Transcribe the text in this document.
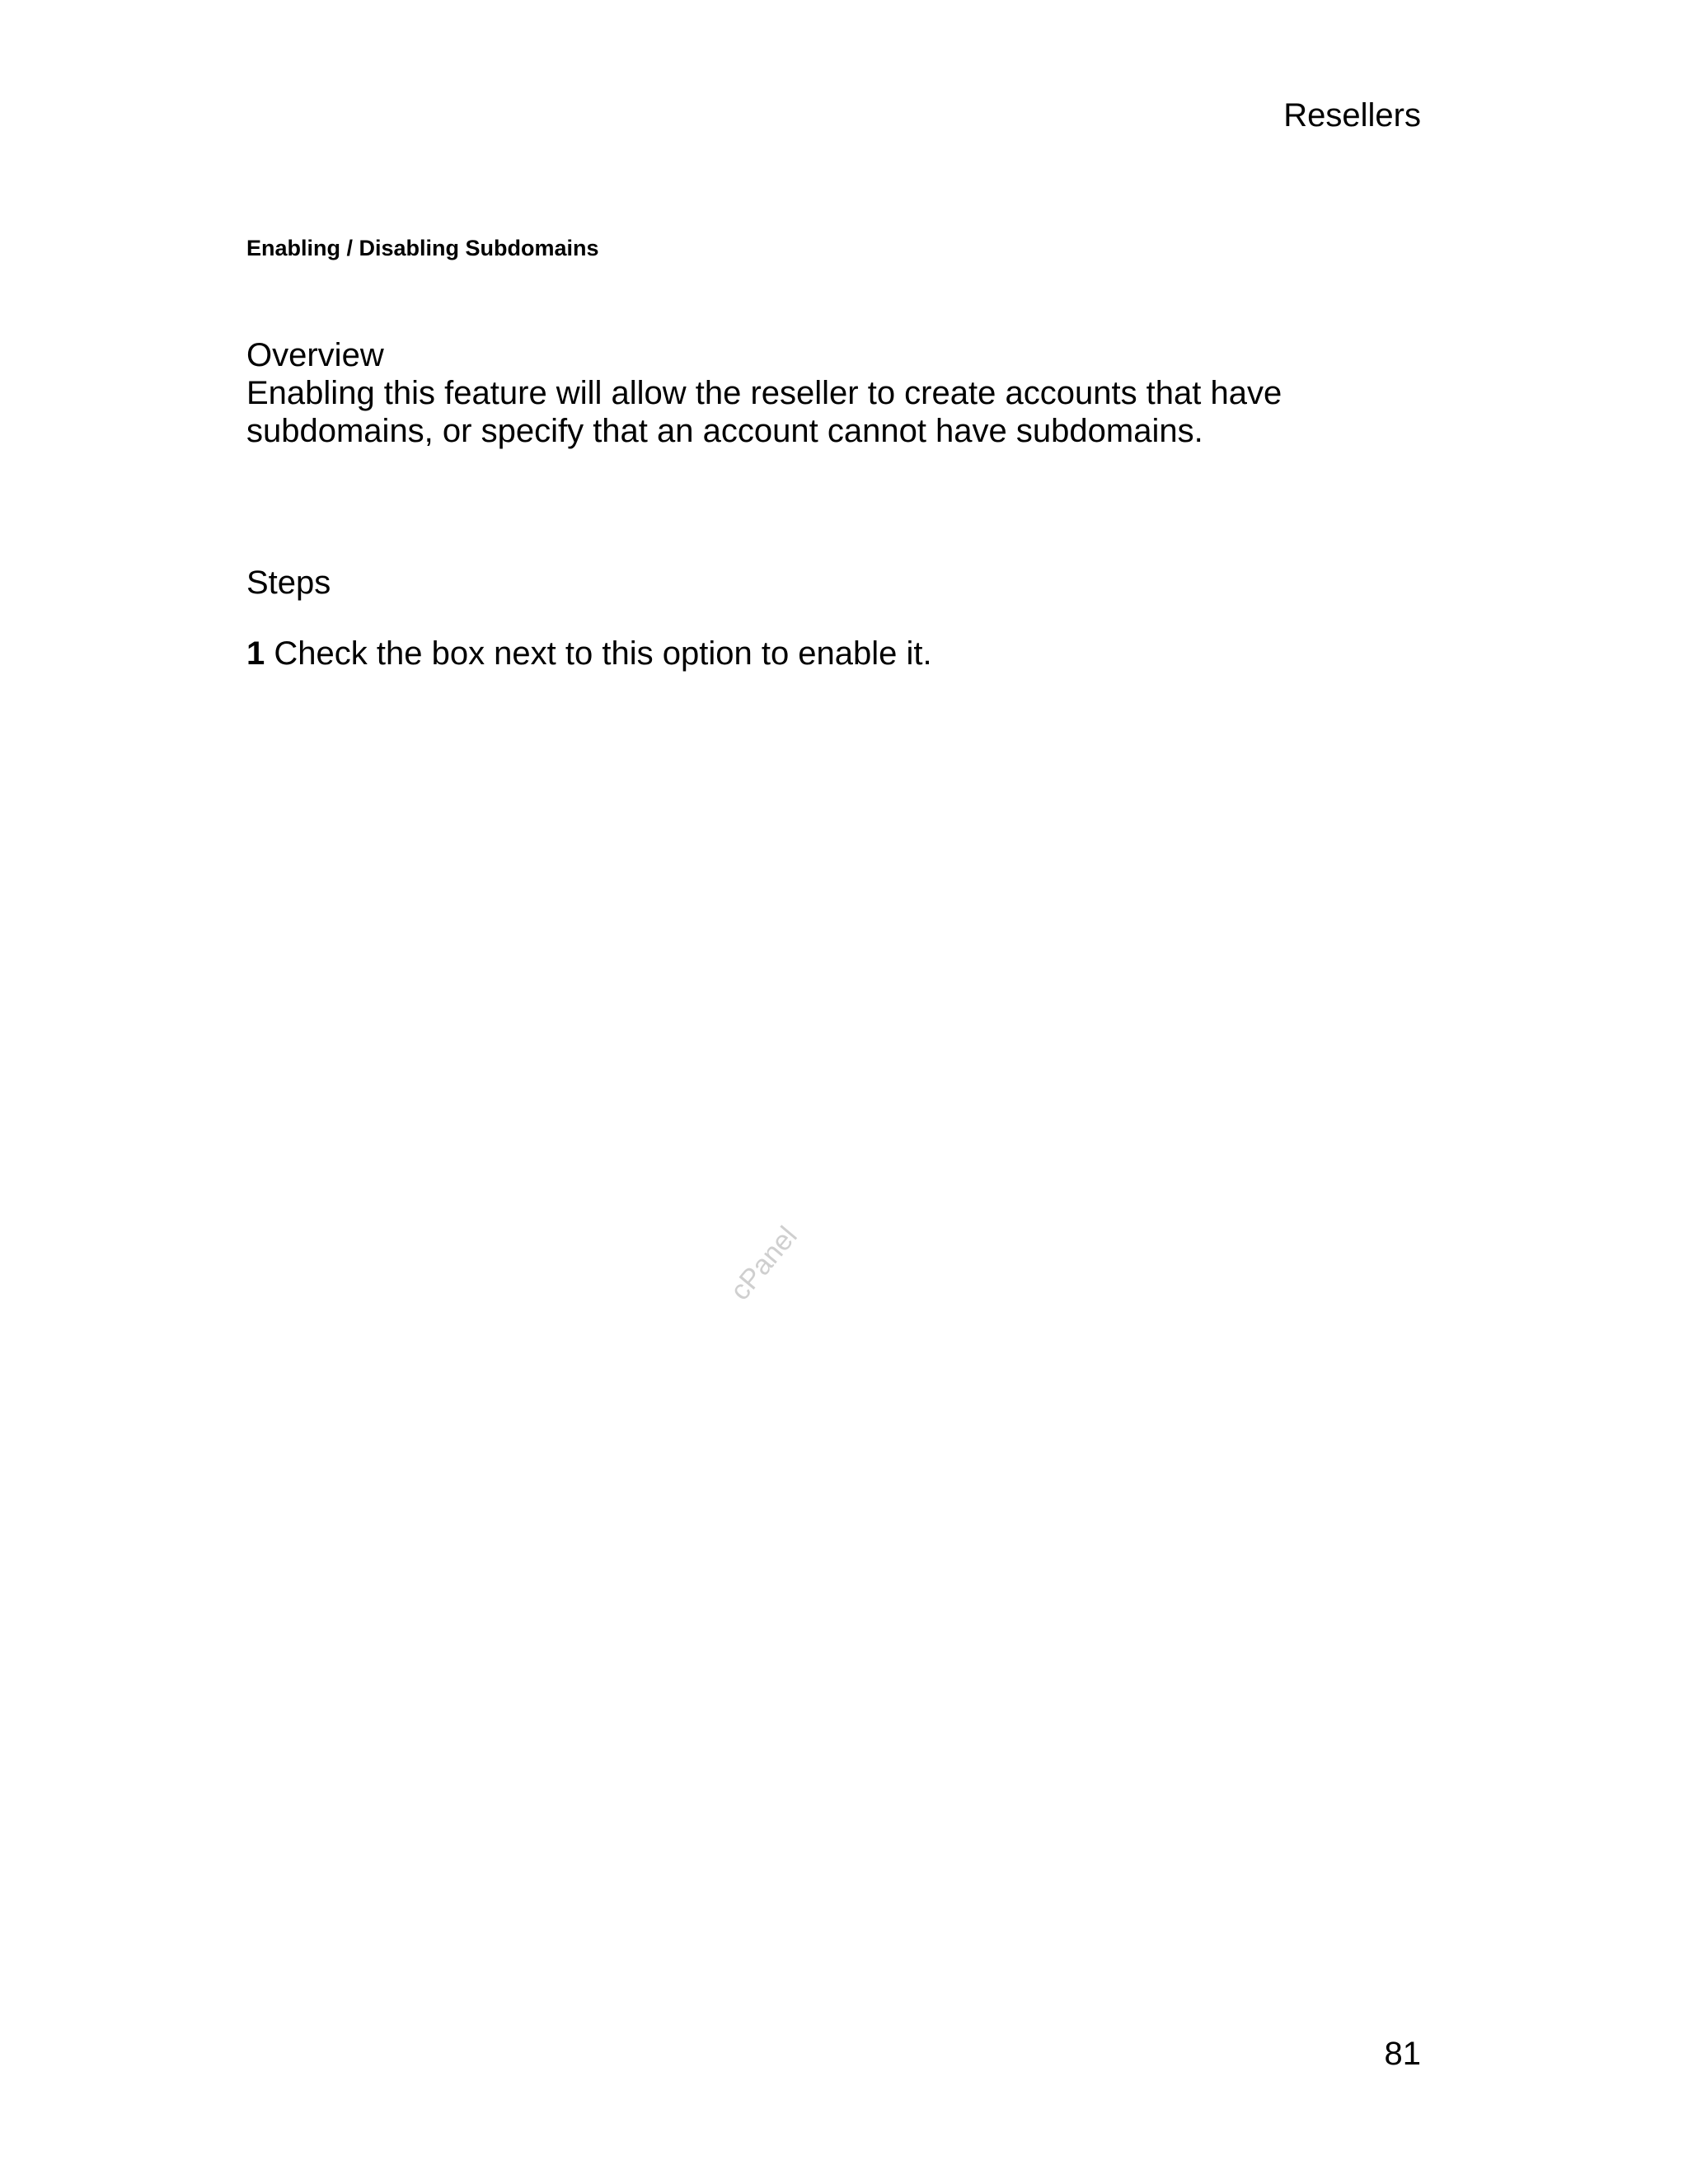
Resellers
Enabling / Disabling Subdomains

Overview

Enabling this feature will allow the reseller to create accounts that have subdomains, or specify that an account cannot have subdomains.

Steps

1 Check the box next to this option to enable it.
cPanel
81
